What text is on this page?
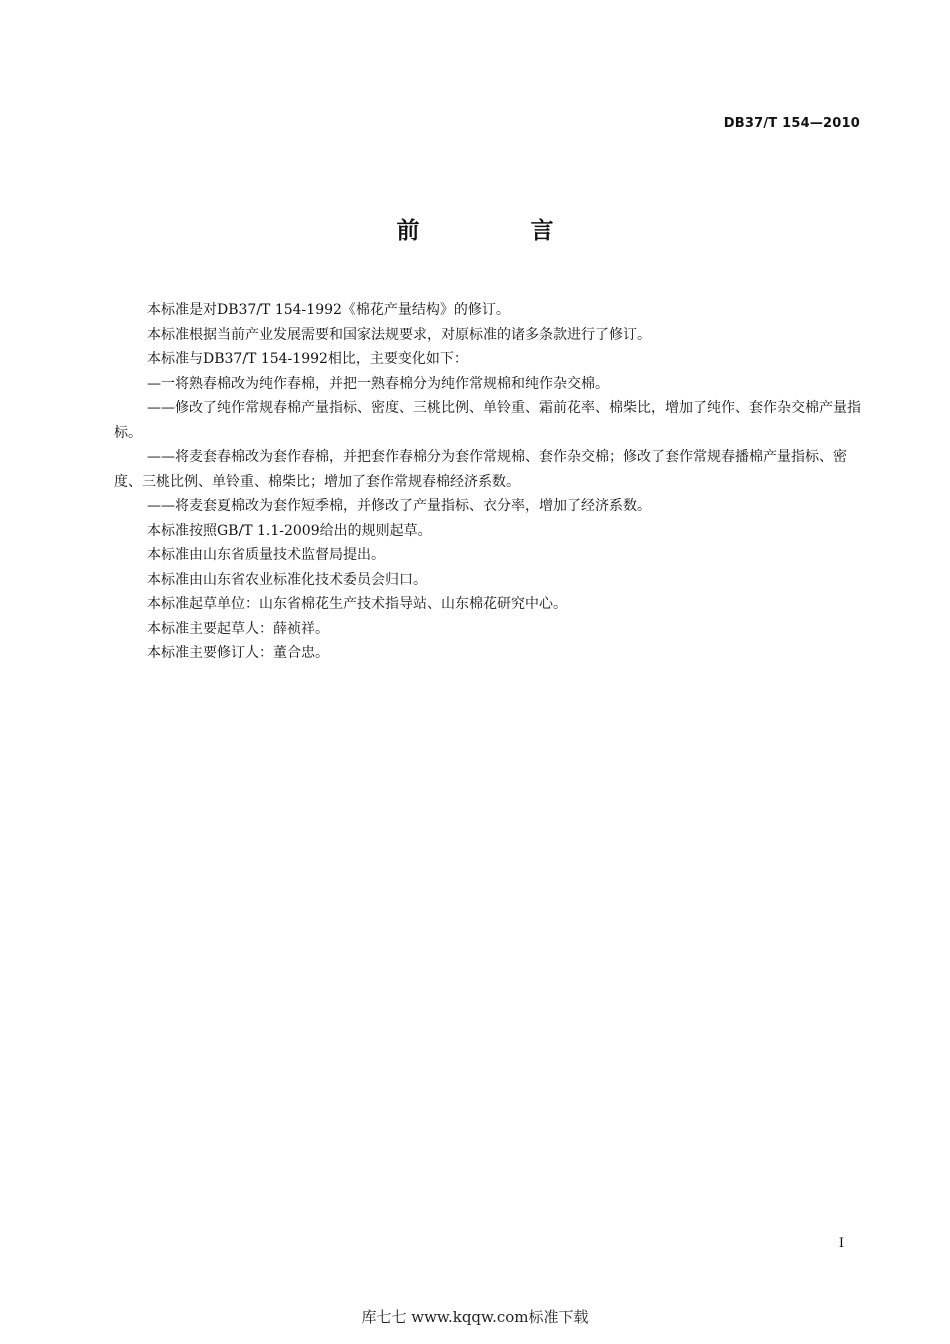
DB37/T 154—2010
前　言

本标准是对DB37/T 154-1992《棉花产量结构》的修订。

本标准根据当前产业发展需要和国家法规要求，对原标准的诸多条款进行了修订。

本标准与DB37/T 154-1992相比，主要变化如下：

—一将熟春棉改为纯作春棉，并把一熟春棉分为纯作常规棉和纯作杂交棉。

——修改了纯作常规春棉产量指标、密度、三桃比例、单铃重、霜前花率、棉柴比，增加了纯作、套作杂交棉产量指标。

——将麦套春棉改为套作春棉，并把套作春棉分为套作常规棉、套作杂交棉；修改了套作常规春播棉产量指标、密度、三桃比例、单铃重、棉柴比；增加了套作常规春棉经济系数。

——将麦套夏棉改为套作短季棉，并修改了产量指标、衣分率，增加了经济系数。

本标准按照GB/T 1.1-2009给出的规则起草。

本标准由山东省质量技术监督局提出。

本标准由山东省农业标准化技术委员会归口。

本标准起草单位：山东省棉花生产技术指导站、山东棉花研究中心。

本标准主要起草人：薛祯祥。

本标准主要修订人：董合忠。

I
库七七 www.kqqw.com标准下载
